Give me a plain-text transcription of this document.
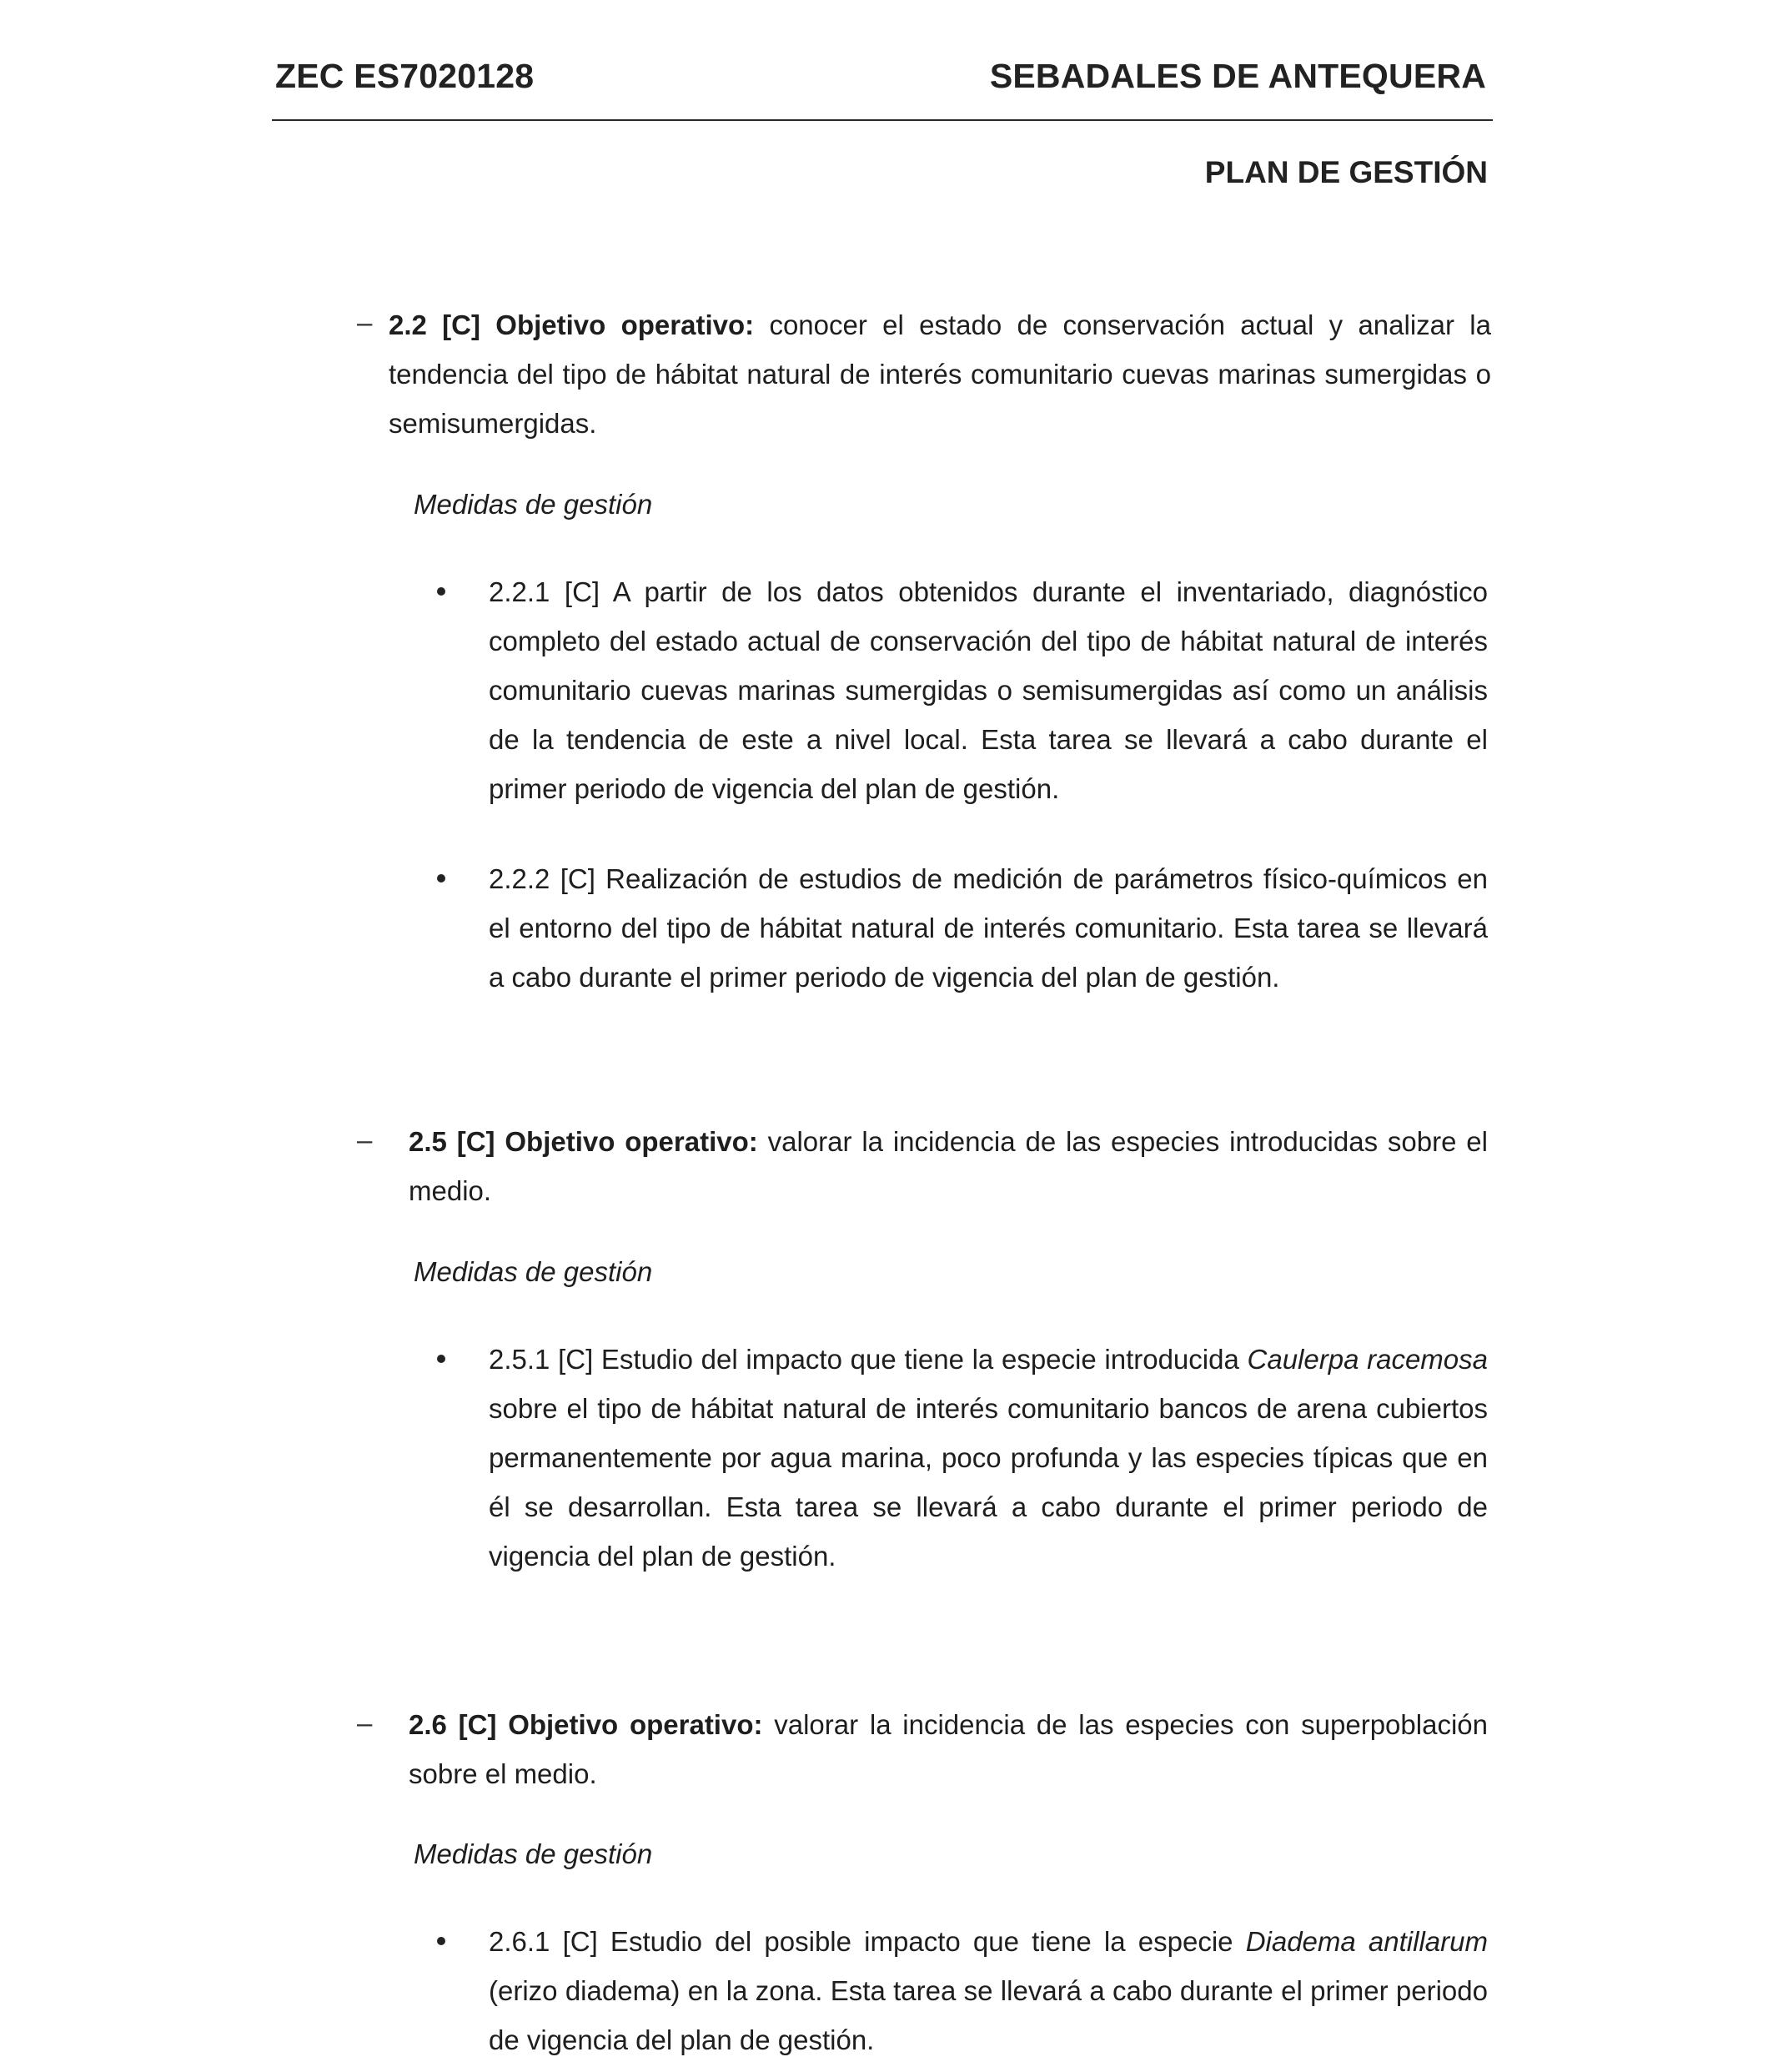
ZEC ES7020128	SEBADALES DE ANTEQUERA
PLAN DE GESTIÓN
– 2.2 [C] Objetivo operativo: conocer el estado de conservación actual y analizar la tendencia del tipo de hábitat natural de interés comunitario cuevas marinas sumergidas o semisumergidas.
Medidas de gestión
2.2.1 [C] A partir de los datos obtenidos durante el inventariado, diagnóstico completo del estado actual de conservación del tipo de hábitat natural de interés comunitario cuevas marinas sumergidas o semisumergidas así como un análisis de la tendencia de este a nivel local. Esta tarea se llevará a cabo durante el primer periodo de vigencia del plan de gestión.
2.2.2 [C] Realización de estudios de medición de parámetros físico-químicos en el entorno del tipo de hábitat natural de interés comunitario. Esta tarea se llevará a cabo durante el primer periodo de vigencia del plan de gestión.
– 2.5 [C] Objetivo operativo: valorar la incidencia de las especies introducidas sobre el medio.
Medidas de gestión
2.5.1 [C] Estudio del impacto que tiene la especie introducida Caulerpa racemosa sobre el tipo de hábitat natural de interés comunitario bancos de arena cubiertos permanentemente por agua marina, poco profunda y las especies típicas que en él se desarrollan. Esta tarea se llevará a cabo durante el primer periodo de vigencia del plan de gestión.
– 2.6 [C] Objetivo operativo: valorar la incidencia de las especies con superpoblación sobre el medio.
Medidas de gestión
2.6.1 [C] Estudio del posible impacto que tiene la especie Diadema antillarum (erizo diadema) en la zona. Esta tarea se llevará a cabo durante el primer periodo de vigencia del plan de gestión.
